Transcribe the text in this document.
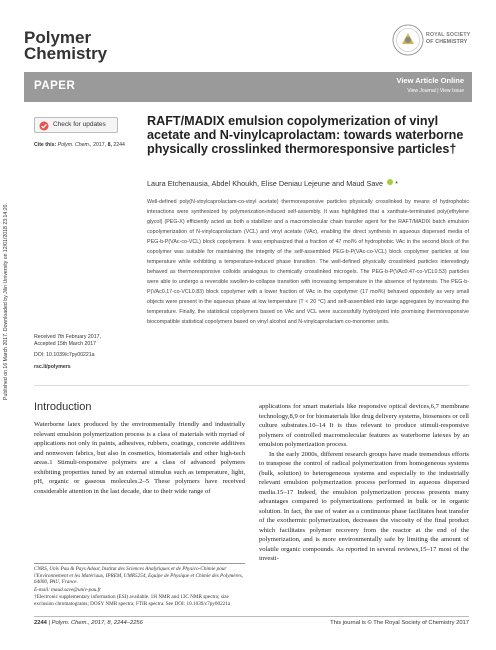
Polymer
Chemistry
ROYAL SOCIETY
OF CHEMISTRY
PAPER	View Article Online
View Journal | View Issue
Published on 16 March 2017. Downloaded by Jilin University on 12/01/2018 23:14:20.
Check for updates
Cite this: Polym. Chem., 2017, 8, 2244
RAFT/MADIX emulsion copolymerization of vinyl acetate and N-vinylcaprolactam: towards waterborne physically crosslinked thermoresponsive particles†
Laura Etchenausia, Abdel Khoukh, Elise Deniau Lejeune and Maud Save *
Well-defined poly(N-vinylcaprolactam-co-vinyl acetate) thermoresponsive particles physically crosslinked by means of hydrophobic interactions were synthesized by polymerization-induced self-assembly. It was highlighted that a xanthate-terminated poly(ethylene glycol) (PEG-X) efficiently acted as both a stabilizer and a macromolecular chain transfer agent for the RAFT/MADIX batch emulsion copolymerization of N-vinylcaprolactam (VCL) and vinyl acetate (VAc), enabling the direct synthesis in aqueous dispersed media of PEG-b-P(VAc-co-VCL) block copolymers. It was emphasized that a fraction of 47 mol% of hydrophobic VAc in the second block of the copolymer was suitable for maintaining the integrity of the self-assembled PEG-b-P(VAc-co-VCL) block copolymer particles at low temperature while exhibiting a temperature-induced phase transition. The well-defined physically crosslinked particles interestingly behaved as thermoresponsive colloids analogous to chemically crosslinked microgels. The PEG-b-P(VAc0.47-co-VCL0.53) particles were able to undergo a reversible swollen-to-collapse transition with increasing temperature in the absence of hysteresis. The PEG-b-P(VAc0.17-co-VCL0.83) block copolymer with a lower fraction of VAc in the copolymer (17 mol%) behaved oppositely as very small objects were present in the aqueous phase at low temperature (T < 20 °C) and self-assembled into large aggregates by increasing the temperature. Finally, the statistical copolymers based on VAc and VCL were successfully hydrolyzed into promising thermoresponsive biocompatible statistical copolymers based on vinyl alcohol and N-vinylcaprolactam co-monomer units.
Received 7th February 2017,
Accepted 15th March 2017
DOI: 10.1039/c7py00221a
rsc.li/polymers
Introduction

Waterborne latex produced by the environmentally friendly and industrially relevant emulsion polymerization process is a class of materials with myriad of applications not only in paints, adhesives, rubbers, coatings, concrete additives and nonwoven fabrics, but also in cosmetics, biomaterials and other high-tech areas.1 Stimuli-responsive polymers are a class of advanced polymers exhibiting properties tuned by an external stimulus such as temperature, light, pH, organic or gaseous molecules.2–5 These polymers have received considerable attention in the last decade, due to their wide range of

applications for smart materials like responsive optical devices,6,7 membrane technology,8,9 or for biomaterials like drug delivery systems, biosensors or cell culture substrates.10–14 It is thus relevant to produce stimuli-responsive polymers of controlled macromolecular features as waterborne latexes by an emulsion polymerization process.

In the early 2000s, different research groups have made tremendous efforts to transpose the control of radical polymerization from homogeneous systems (bulk, solution) to heterogeneous systems and especially to the industrially relevant emulsion polymerization process performed in aqueous dispersed media.15–17 Indeed, the emulsion polymerization process presents many advantages compared to polymerizations performed in bulk or in organic solution. In fact, the use of water as a continuous phase facilitates heat transfer of the exothermic polymerization, decreases the viscosity of the final product which facilitates polymer recovery from the reactor at the end of the polymerization, and is more environmentally safe by limiting the amount of volatile organic compounds. As reported in several reviews,15–17 most of the investi-

CNRS, Univ Pau & Pays Adour, Institut des Sciences Analytiques et de Physico-Chimie pour l'Environnement et les Matériaux, IPREM, UMR5254, Equipe de Physique et Chimie des Polymères, 64000, PAU, France.

E-mail: maud.save@univ-pau.fr

†Electronic supplementary information (ESI) available. 1H NMR and 13C NMR spectra; size exclusion chromatograms; DOSY NMR spectra; FTIR spectra. See DOI: 10.1039/c7py00221a

2244 | Polym. Chem., 2017, 8, 2244–2256	This journal is © The Royal Society of Chemistry 2017
